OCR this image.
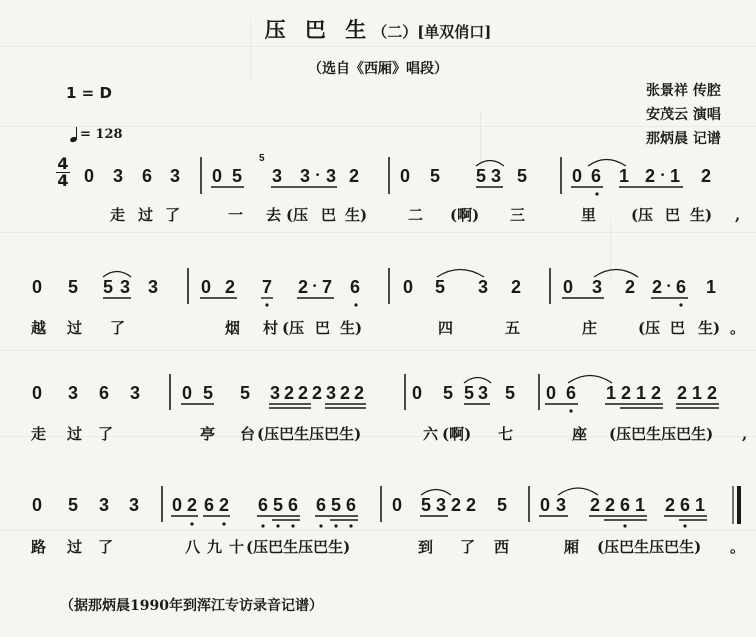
压 巴 生（二）[单双俏口]
（选自《西厢》唱段）
1 = D
= 128
张景祥 传腔
安茂云 演唱
那炳晨 记谱
4
4 0 3 6 3 0 5
5
3 3 · 3 2 0 5 5 3 5 0 6 1 2 · 1 2
走 过 了	一 去 (压 巴 生)	二 (啊) 三	里 (压 巴 生) ,
0 5 5 3 3 0 2 7 2 · 7 6 0 5 3 2 0 3 2 2 · 6 1
越 过 了	烟 村 (压 巴 生)	四	五	庄	(压 巴 生) 。
0 3 6 3 0 5 5 3 2 2 2 3 2 2	0 5 5 3 5 0 6 1 2 1 2 2 1 2
走 过 了	亭 台 (压巴生压巴生)	六 (啊) 七	座 (压巴生压巴生) ,
0 5 3 3 0 2 6 2 6 5 6 6 5 6 0 5 3 2 2 5 0 3 2 2 6 1 2 6 1
路 过 了	八 九 十 (压巴生压巴生)	到 了 西	厢 (压巴生压巴生) 。
（据那炳晨1990年到浑江专访录音记谱）
